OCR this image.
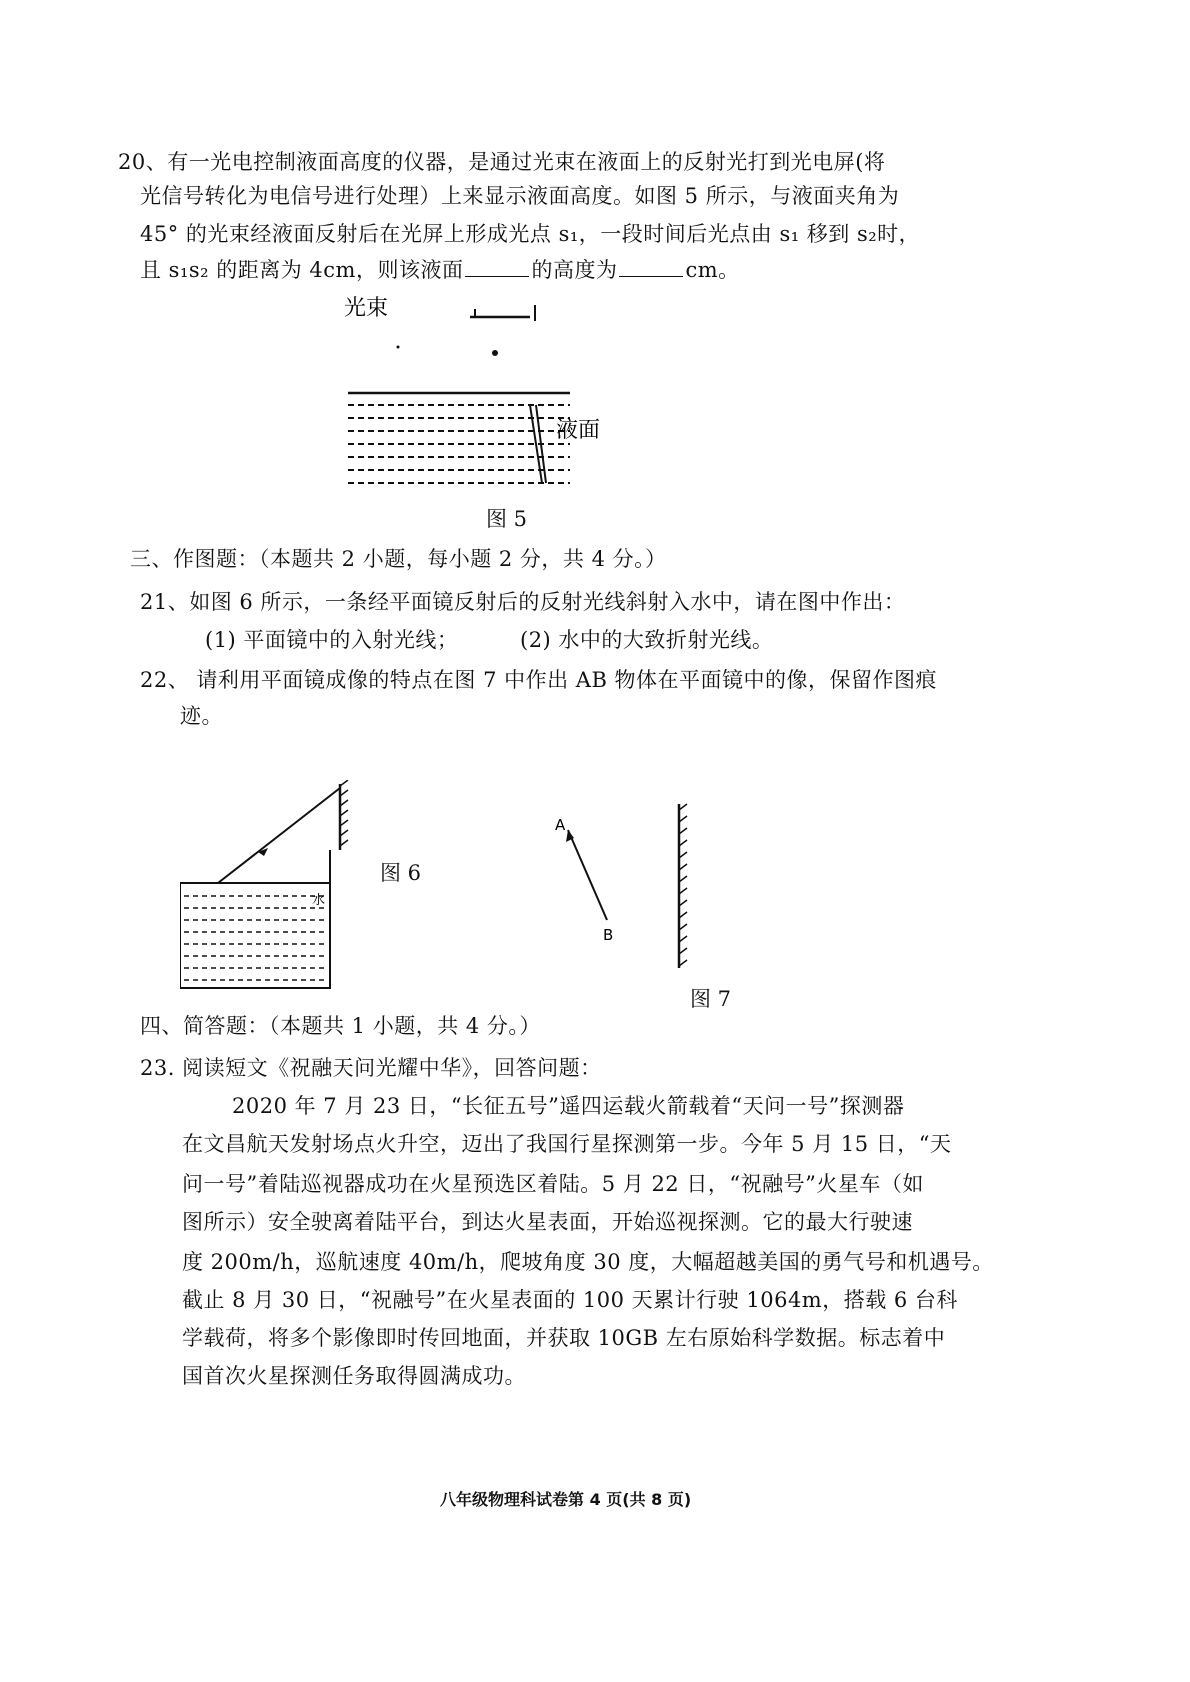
20、有一光电控制液面高度的仪器，是通过光束在液面上的反射光打到光电屏(将
光信号转化为电信号进行处理）上来显示液面高度。如图 5 所示，与液面夹角为
45° 的光束经液面反射后在光屏上形成光点 s₁，一段时间后光点由 s₁ 移到 s₂时，
且 s₁s₂ 的距离为 4cm，则该液面	的高度为	cm。
光束
液面
图 5
三、作图题：（本题共 2 小题，每小题 2 分，共 4 分。）
21、如图 6 所示，一条经平面镜反射后的反射光线斜射入水中，请在图中作出：
(1) 平面镜中的入射光线；	(2) 水中的大致折射光线。
22、 请利用平面镜成像的特点在图 7 中作出 AB 物体在平面镜中的像，保留作图痕
迹。
水
图 6
A
B
图 7
四、简答题：（本题共 1 小题，共 4 分。）
23. 阅读短文《祝融天问光耀中华》，回答问题：
2020 年 7 月 23 日，“长征五号”遥四运载火箭载着“天问一号”探测器
在文昌航天发射场点火升空，迈出了我国行星探测第一步。今年 5 月 15 日，“天
问一号”着陆巡视器成功在火星预选区着陆。5 月 22 日，“祝融号”火星车（如
图所示）安全驶离着陆平台，到达火星表面，开始巡视探测。它的最大行驶速
度 200m/h，巡航速度 40m/h，爬坡角度 30 度，大幅超越美国的勇气号和机遇号。
截止 8 月 30 日，“祝融号”在火星表面的 100 天累计行驶 1064m，搭载 6 台科
学载荷，将多个影像即时传回地面，并获取 10GB 左右原始科学数据。标志着中
国首次火星探测任务取得圆满成功。
八年级物理科试卷第 4 页(共 8 页)
